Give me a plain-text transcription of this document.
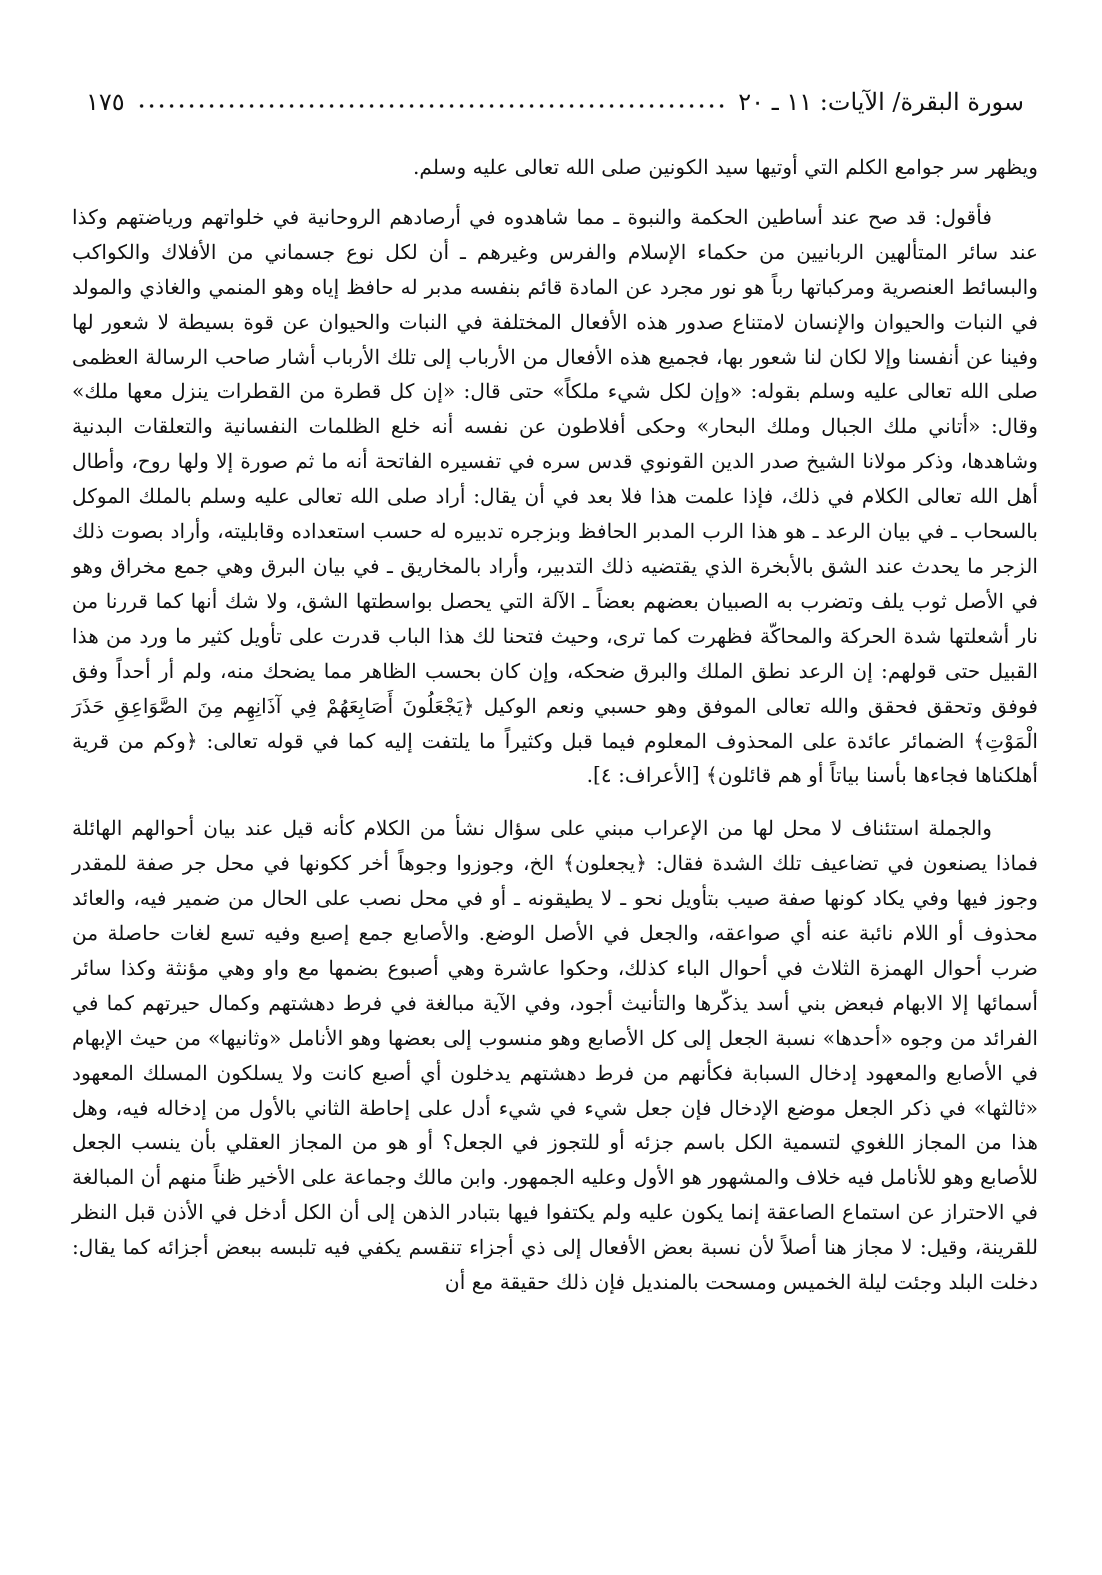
سورة البقرة/ الآيات: ١١ ـ ٢٠
١٧٥

ويظهر سر جوامع الكلم التي أوتيها سيد الكونين صلى الله تعالى عليه وسلم.

فأقول: قد صح عند أساطين الحكمة والنبوة ـ مما شاهدوه في أرصادهم الروحانية في خلواتهم ورياضتهم وكذا عند سائر المتألهين الربانيين من حكماء الإسلام والفرس وغيرهم ـ أن لكل نوع جسماني من الأفلاك والكواكب والبسائط العنصرية ومركباتها رباً هو نور مجرد عن المادة قائم بنفسه مدبر له حافظ إياه وهو المنمي والغاذي والمولد في النبات والحيوان والإنسان لامتناع صدور هذه الأفعال المختلفة في النبات والحيوان عن قوة بسيطة لا شعور لها وفينا عن أنفسنا وإلا لكان لنا شعور بها، فجميع هذه الأفعال من الأرباب إلى تلك الأرباب أشار صاحب الرسالة العظمى صلى الله تعالى عليه وسلم بقوله: «وإن لكل شيء ملكاً» حتى قال: «إن كل قطرة من القطرات ينزل معها ملك» وقال: «أتاني ملك الجبال وملك البحار» وحكى أفلاطون عن نفسه أنه خلع الظلمات النفسانية والتعلقات البدنية وشاهدها، وذكر مولانا الشيخ صدر الدين القونوي قدس سره في تفسيره الفاتحة أنه ما ثم صورة إلا ولها روح، وأطال أهل الله تعالى الكلام في ذلك، فإذا علمت هذا فلا بعد في أن يقال: أراد صلى الله تعالى عليه وسلم بالملك الموكل بالسحاب ـ في بيان الرعد ـ هو هذا الرب المدبر الحافظ وبزجره تدبيره له حسب استعداده وقابليته، وأراد بصوت ذلك الزجر ما يحدث عند الشق بالأبخرة الذي يقتضيه ذلك التدبير، وأراد بالمخاريق ـ في بيان البرق وهي جمع مخراق وهو في الأصل ثوب يلف وتضرب به الصبيان بعضهم بعضاً ـ الآلة التي يحصل بواسطتها الشق، ولا شك أنها كما قررنا من نار أشعلتها شدة الحركة والمحاكّة فظهرت كما ترى، وحيث فتحنا لك هذا الباب قدرت على تأويل كثير ما ورد من هذا القبيل حتى قولهم: إن الرعد نطق الملك والبرق ضحكه، وإن كان بحسب الظاهر مما يضحك منه، ولم أر أحداً وفق فوفق وتحقق فحقق والله تعالى الموفق وهو حسبي ونعم الوكيل ﴿يَجْعَلُونَ أَصَابِعَهُمْ فِي آذَانِهِم مِنَ الصَّوَاعِقِ حَذَرَ الْمَوْتِ﴾ الضمائر عائدة على المحذوف المعلوم فيما قبل وكثيراً ما يلتفت إليه كما في قوله تعالى: ﴿وكم من قرية أهلكناها فجاءها بأسنا بياتاً أو هم قائلون﴾ [الأعراف: ٤].

والجملة استئناف لا محل لها من الإعراب مبني على سؤال نشأ من الكلام كأنه قيل عند بيان أحوالهم الهائلة فماذا يصنعون في تضاعيف تلك الشدة فقال: ﴿يجعلون﴾ الخ، وجوزوا وجوهاً أخر ككونها في محل جر صفة للمقدر وجوز فيها وفي يكاد كونها صفة صيب بتأويل نحو ـ لا يطيقونه ـ أو في محل نصب على الحال من ضمير فيه، والعائد محذوف أو اللام نائبة عنه أي صواعقه، والجعل في الأصل الوضع. والأصابع جمع إصبع وفيه تسع لغات حاصلة من ضرب أحوال الهمزة الثلاث في أحوال الباء كذلك، وحكوا عاشرة وهي أصبوع بضمها مع واو وهي مؤنثة وكذا سائر أسمائها إلا الابهام فبعض بني أسد يذكّرها والتأنيث أجود، وفي الآية مبالغة في فرط دهشتهم وكمال حيرتهم كما في الفرائد من وجوه «أحدها» نسبة الجعل إلى كل الأصابع وهو منسوب إلى بعضها وهو الأنامل «وثانيها» من حيث الإبهام في الأصابع والمعهود إدخال السبابة فكأنهم من فرط دهشتهم يدخلون أي أصبع كانت ولا يسلكون المسلك المعهود «ثالثها» في ذكر الجعل موضع الإدخال فإن جعل شيء في شيء أدل على إحاطة الثاني بالأول من إدخاله فيه، وهل هذا من المجاز اللغوي لتسمية الكل باسم جزئه أو للتجوز في الجعل؟ أو هو من المجاز العقلي بأن ينسب الجعل للأصابع وهو للأنامل فيه خلاف والمشهور هو الأول وعليه الجمهور. وابن مالك وجماعة على الأخير ظناً منهم أن المبالغة في الاحتراز عن استماع الصاعقة إنما يكون عليه ولم يكتفوا فيها بتبادر الذهن إلى أن الكل أدخل في الأذن قبل النظر للقرينة، وقيل: لا مجاز هنا أصلاً لأن نسبة بعض الأفعال إلى ذي أجزاء تنقسم يكفي فيه تلبسه ببعض أجزائه كما يقال: دخلت البلد وجئت ليلة الخميس ومسحت بالمنديل فإن ذلك حقيقة مع أن
